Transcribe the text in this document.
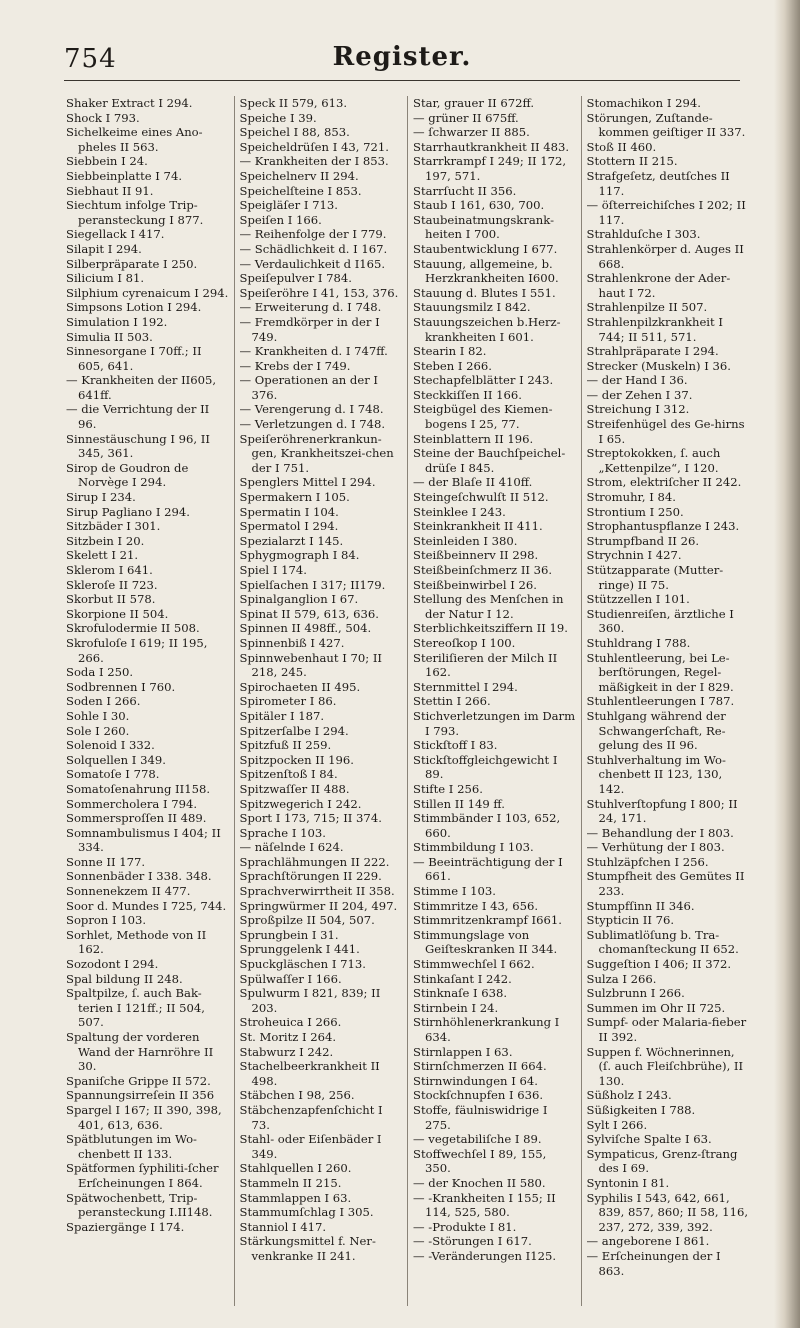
754	Register.

Shaker Extract I 294.

Shock I 793.

Sichelkeime eines Ano-pheles II 563.

Siebbein I 24.

Siebbeinplatte I 74.

Siebhaut II 91.

Siechtum infolge Trip-peransteckung I 877.

Siegellack I 417.

Silapit I 294.

Silberpräparate I 250.

Silicium I 81.

Silphium cyrenaicum I 294.

Simpsons Lotion I 294.

Simulation I 192.

Simulia II 503.

Sinnesorgane I 70ff.; II 605, 641.

— Krankheiten der II605, 641ff.

— die Verrichtung der II 96.

Sinnestäuschung I 96, II 345, 361.

Sirop de Goudron de Norvège I 294.

Sirup I 234.

Sirup Pagliano I 294.

Sitzbäder I 301.

Sitzbein I 20.

Skelett I 21.

Sklerom I 641.

Skleroſe II 723.

Skorbut II 578.

Skorpione II 504.

Skrofulodermie II 508.

Skrofuloſe I 619; II 195, 266.

Soda I 250.

Sodbrennen I 760.

Soden I 266.

Sohle I 30.

Sole I 260.

Solenoid I 332.

Solquellen I 349.

Somatoſe I 778.

Somatoſenahrung II158.

Sommercholera I 794.

Sommersproſſen II 489.

Somnambulismus I 404; II 334.

Sonne II 177.

Sonnenbäder I 338. 348.

Sonnenekzem II 477.

Soor d. Mundes I 725, 744.

Sopron I 103.

Sorhlet, Methode von II 162.

Sozodont I 294.

Spal bildung II 248.

Spaltpilze, ſ. auch Bak-terien I 121ff.; II 504, 507.

Spaltung der vorderen Wand der Harnröhre II 30.

Spaniſche Grippe II 572.

Spannungsirreſein II 356

Spargel I 167; II 390, 398, 401, 613, 636.

Spätblutungen im Wo-chenbett II 133.

Spätformen ſyphiliti-ſcher Erſcheinungen I 864.

Spätwochenbett, Trip-peransteckung I.II148.

Spaziergänge I 174.

Speck II 579, 613.

Speiche I 39.

Speichel I 88, 853.

Speicheldrüſen I 43, 721.

— Krankheiten der I 853.

Speichelnerv II 294.

Speichelſteine I 853.

Speigläſer I 713.

Speiſen I 166.

— Reihenfolge der I 779.

— Schädlichkeit d. I 167.

— Verdaulichkeit d I165.

Speiſepulver I 784.

Speiſeröhre I 41, 153, 376.

— Erweiterung d. I 748.

— Fremdkörper in der I 749.

— Krankheiten d. I 747ff.

— Krebs der I 749.

— Operationen an der I 376.

— Verengerung d. I 748.

— Verletzungen d. I 748.

Speiſeröhrenerkrankun-gen, Krankheitszei-chen der I 751.

Spenglers Mittel I 294.

Spermakern I 105.

Spermatin I 104.

Spermatol I 294.

Spezialarzt I 145.

Sphygmograph I 84.

Spiel I 174.

Spielſachen I 317; II179.

Spinalganglion I 67.

Spinat II 579, 613, 636.

Spinnen II 498ff., 504.

Spinnenbiß I 427.

Spinnwebenhaut I 70; II 218, 245.

Spirochaeten II 495.

Spirometer I 86.

Spitäler I 187.

Spitzerſalbe I 294.

Spitzfuß II 259.

Spitzpocken II 196.

Spitzenſtoß I 84.

Spitzwaſſer II 488.

Spitzwegerich I 242.

Sport I 173, 715; II 374.

Sprache I 103.

— näſelnde I 624.

Sprachlähmungen II 222.

Sprachſtörungen II 229.

Sprachverwirrtheit II 358.

Springwürmer II 204, 497.

Sproßpilze II 504, 507.

Sprungbein I 31.

Sprunggelenk I 441.

Spuckgläschen I 713.

Spülwaſſer I 166.

Spulwurm I 821, 839; II 203.

Stroheuica I 266.

St. Moritz I 264.

Stabwurz I 242.

Stachelbeerkrankheit II 498.

Stäbchen I 98, 256.

Stäbchenzapfenſchicht I 73.

Stahl- oder Eiſenbäder I 349.

Stahlquellen I 260.

Stammeln II 215.

Stammlappen I 63.

Stammumſchlag I 305.

Stanniol I 417.

Stärkungsmittel f. Ner-venkranke II 241.

Star, grauer II 672ff.

— grüner II 675ff.

— ſchwarzer II 885.

Starrhautkrankheit II 483.

Starrkrampf I 249; II 172, 197, 571.

Starrſucht II 356.

Staub I 161, 630, 700.

Staubeinatmungskrank-heiten I 700.

Staubentwicklung I 677.

Stauung, allgemeine, b. Herzkrankheiten I600.

Stauung d. Blutes I 551.

Stauungsmilz I 842.

Stauungszeichen b.Herz-krankheiten I 601.

Stearin I 82.

Steben I 266.

Stechapfelblätter I 243.

Steckkiſſen II 166.

Steigbügel des Kiemen-bogens I 25, 77.

Steinblattern II 196.

Steine der Bauchſpeichel-drüſe I 845.

— der Blaſe II 410ff.

Steingeſchwulſt II 512.

Steinklee I 243.

Steinkrankheit II 411.

Steinleiden I 380.

Steißbeinnerv II 298.

Steißbeinſchmerz II 36.

Steißbeinwirbel I 26.

Stellung des Menſchen in der Natur I 12.

Sterblichkeitsziffern II 19.

Stereoſkop I 100.

Steriliſieren der Milch II 162.

Sternmittel I 294.

Stettin I 266.

Stichverletzungen im Darm I 793.

Stickſtoff I 83.

Stickſtoffgleichgewicht I 89.

Stifte I 256.

Stillen II 149 ff.

Stimmbänder I 103, 652, 660.

Stimmbildung I 103.

— Beeinträchtigung der I 661.

Stimme I 103.

Stimmritze I 43, 656.

Stimmritzenkrampf I661.

Stimmungslage von Geiſteskranken II 344.

Stimmwechſel I 662.

Stinkaſant I 242.

Stinknaſe I 638.

Stirnbein I 24.

Stirnhöhlenerkrankung I 634.

Stirnlappen I 63.

Stirnſchmerzen II 664.

Stirnwindungen I 64.

Stockſchnupfen I 636.

Stoffe, fäulniswidrige I 275.

— vegetabiliſche I 89.

Stoffwechſel I 89, 155, 350.

— der Knochen II 580.

— -Krankheiten I 155; II 114, 525, 580.

— -Produkte I 81.

— -Störungen I 617.

— -Veränderungen I125.

Stomachikon I 294.

Störungen, Zuſtande-kommen geiſtiger II 337.

Stoß II 460.

Stottern II 215.

Strafgeſetz, deutſches II 117.

— öſterreichiſches I 202; II 117.

Strahlduſche I 303.

Strahlenkörper d. Auges II 668.

Strahlenkrone der Ader-haut I 72.

Strahlenpilze II 507.

Strahlenpilzkrankheit I 744; II 511, 571.

Strahlpräparate I 294.

Strecker (Muskeln) I 36.

— der Hand I 36.

— der Zehen I 37.

Streichung I 312.

Streifenhügel des Ge-hirns I 65.

Streptokokken, ſ. auch „Kettenpilze“, I 120.

Strom, elektriſcher II 242.

Stromuhr, I 84.

Strontium I 250.

Strophantuspflanze I 243.

Strumpfband II 26.

Strychnin I 427.

Stützapparate (Mutter-ringe) II 75.

Stützzellen I 101.

Studienreiſen, ärztliche I 360.

Stuhldrang I 788.

Stuhlentleerung, bei Le-berſtörungen, Regel-mäßigkeit in der I 829.

Stuhlentleerungen I 787.

Stuhlgang während der Schwangerſchaft, Re-gelung des II 96.

Stuhlverhaltung im Wo-chenbett II 123, 130, 142.

Stuhlverſtopfung I 800; II 24, 171.

— Behandlung der I 803.

— Verhütung der I 803.

Stuhlzäpfchen I 256.

Stumpfheit des Gemütes II 233.

Stumpfſinn II 346.

Stypticin II 76.

Sublimatlöſung b. Tra-chomanſteckung II 652.

Suggeſtion I 406; II 372.

Sulza I 266.

Sulzbrunn I 266.

Summen im Ohr II 725.

Sumpf- oder Malaria-fieber II 392.

Suppen f. Wöchnerinnen, (ſ. auch Fleiſchbrühe), II 130.

Süßholz I 243.

Süßigkeiten I 788.

Sylt I 266.

Sylviſche Spalte I 63.

Sympaticus, Grenz-ſtrang des I 69.

Syntonin I 81.

Syphilis I 543, 642, 661, 839, 857, 860; II 58, 116, 237, 272, 339, 392.

— angeborene I 861.

— Erſcheinungen der I 863.
